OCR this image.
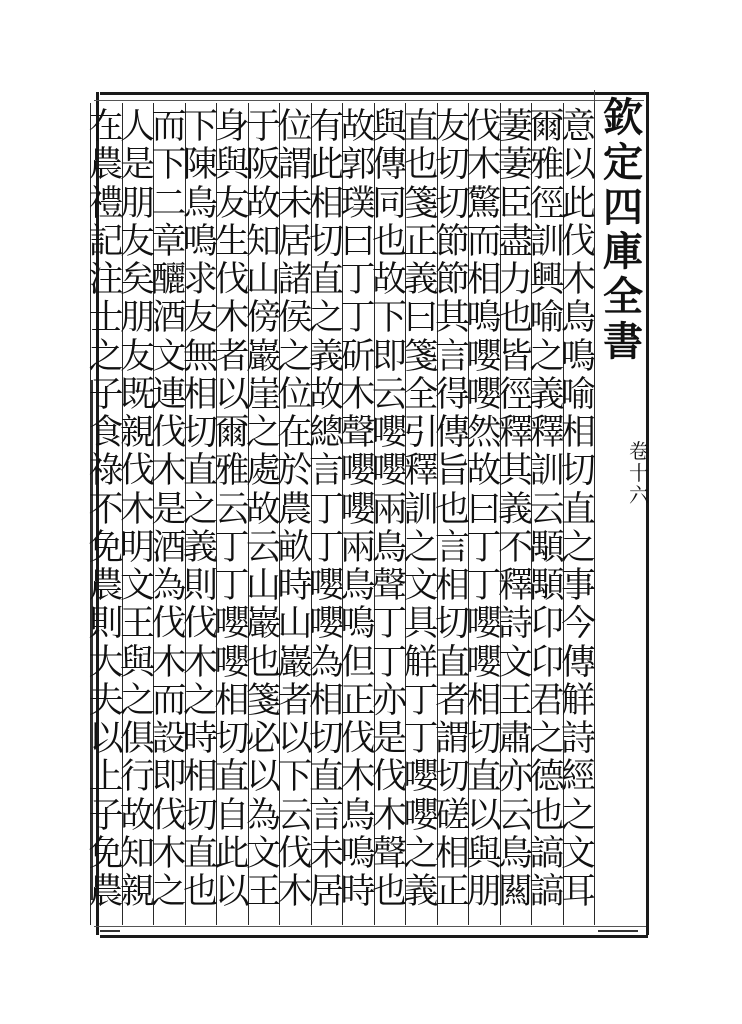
欽
定
四
庫
全
書
卷
十
六
意
以
此
伐
木
鳥
鳴
喻
相
切
直
之
事
今
傳
觧
詩
經
之
文
耳
爾
雅
徑
訓
興
喻
之
義
釋
訓
云
顒
顒
卬
卬
君
之
德
也
謞
謞
萋
萋
臣
盡
力
也
皆
徑
釋
其
義
不
釋
詩
文
王
肅
亦
云
鳥
闗
伐
木
驚
而
相
鳴
嚶
嚶
然
故
曰
丁
丁
嚶
嚶
相
切
直
以
與
朋
友
切
切
節
節
其
言
得
傳
旨
也
言
相
切
直
者
謂
切
磋
相
正
直
也
箋
正
義
曰
箋
全
引
釋
訓
之
文
具
觧
丁
丁
嚶
嚶
之
義
與
傳
同
也
故
下
即
云
嚶
嚶
兩
鳥
聲
丁
丁
亦
是
伐
木
聲
也
故
郭
璞
曰
丁
丁
斫
木
聲
嚶
嚶
兩
鳥
鳴
但
正
伐
木
鳥
鳴
時
有
此
相
切
直
之
義
故
總
言
丁
丁
嚶
嚶
為
相
切
直
言
未
居
位
謂
未
居
諸
侯
之
位
在
於
農
畝
時
山
巖
者
以
下
云
伐
木
于
阪
故
知
山
傍
巖
崖
之
處
故
云
山
巖
也
箋
必
以
為
文
王
身
與
友
生
伐
木
者
以
爾
雅
云
丁
丁
嚶
嚶
相
切
直
自
此
以
下
陳
鳥
鳴
求
友
無
相
切
直
之
義
則
伐
木
之
時
相
切
直
也
而
下
二
章
釃
酒
文
連
伐
木
是
酒
為
伐
木
而
設
即
伐
木
之
人
是
朋
友
矣
朋
友
既
親
伐
木
明
文
王
與
之
俱
行
故
知
親
在
農
禮
記
注
士
之
子
食
祿
不
免
農
則
大
夫
以
上
子
免
農
